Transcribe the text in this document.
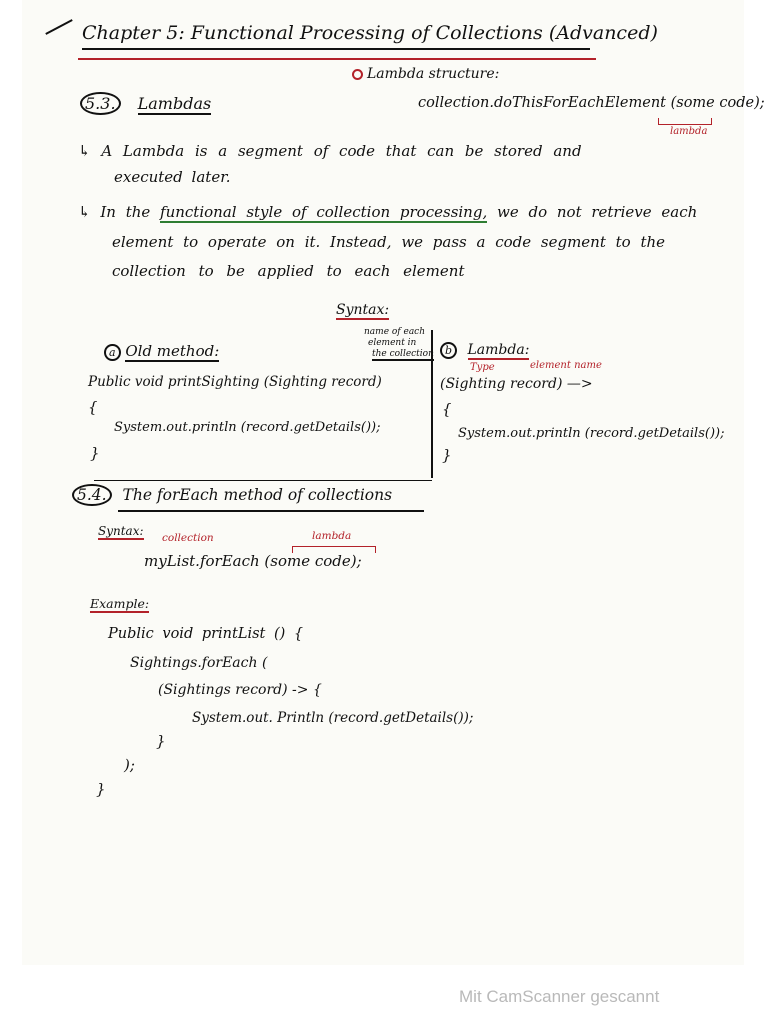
Chapter 5: Functional Processing of Collections (Advanced)
Lambda structure:
collection.doThisForEachElement (some code);
lambda
5.3. Lambdas
↳ A Lambda is a segment of code that can be stored and
executed later.
↳ In the functional style of collection processing, we do not retrieve each
element to operate on it. Instead, we pass a code segment to the
collection to be applied to each element
Syntax:
name of each
element in
the collection
a Old method:
Public void printSighting (Sighting record)
{
System.out.println (record.getDetails());
}
b Lambda:
Type	element name
(Sighting record) —>
{
System.out.println (record.getDetails());
}
5.4. The forEach method of collections
Syntax: collection	lambda
myList.forEach (some code);
Example:
Public void printList () {
Sightings.forEach (
(Sightings record) -> {
System.out. Println (record.getDetails());
}
);
}
Mit CamScanner gescannt
